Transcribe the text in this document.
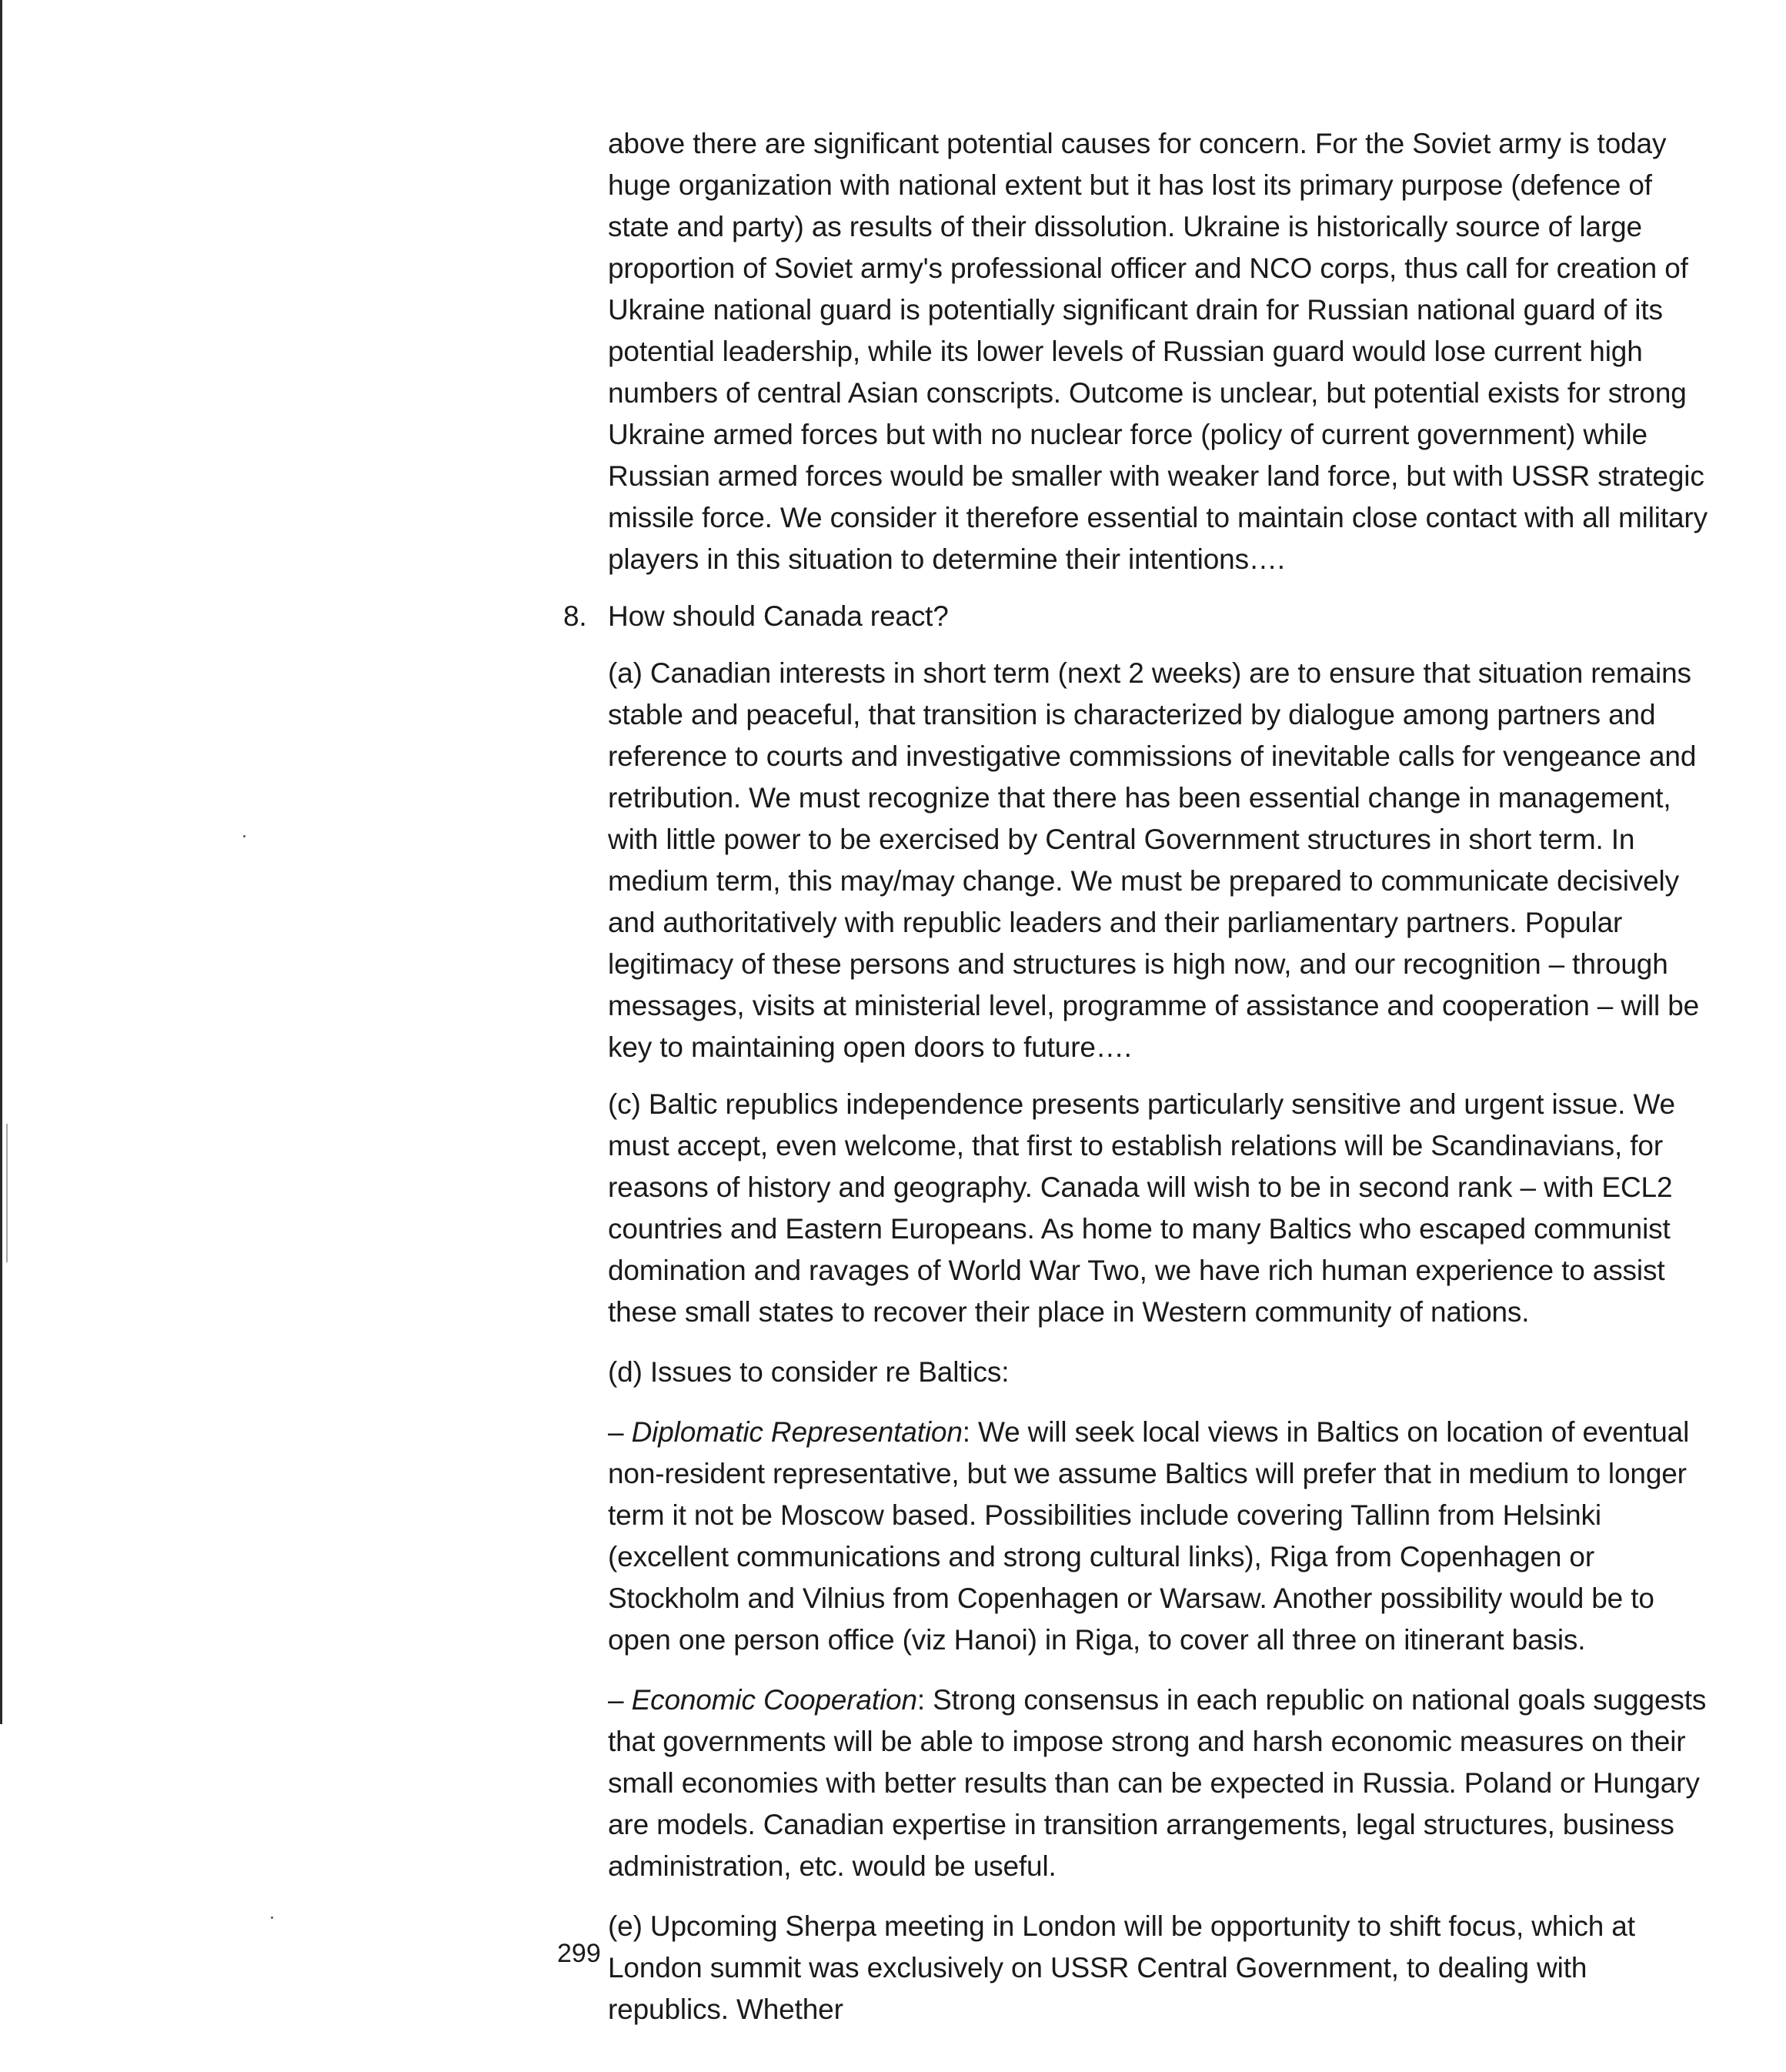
above there are significant potential causes for concern. For the Soviet army is today huge organization with national extent but it has lost its primary purpose (defence of state and party) as results of their dissolution. Ukraine is historically source of large proportion of Soviet army's professional officer and NCO corps, thus call for creation of Ukraine national guard is potentially significant drain for Russian national guard of its potential leadership, while its lower levels of Russian guard would lose current high numbers of central Asian conscripts. Outcome is unclear, but potential exists for strong Ukraine armed forces but with no nuclear force (policy of current government) while Russian armed forces would be smaller with weaker land force, but with USSR strategic missile force. We consider it therefore essential to maintain close contact with all military players in this situation to determine their intentions….

8. How should Canada react?

(a) Canadian interests in short term (next 2 weeks) are to ensure that situation remains stable and peaceful, that transition is characterized by dialogue among partners and reference to courts and investigative commissions of inevitable calls for vengeance and retribution. We must recognize that there has been essential change in management, with little power to be exercised by Central Government structures in short term. In medium term, this may/may change. We must be prepared to communicate decisively and authoritatively with republic leaders and their parliamentary partners. Popular legitimacy of these persons and structures is high now, and our recognition – through messages, visits at ministerial level, programme of assistance and cooperation – will be key to maintaining open doors to future….

(c) Baltic republics independence presents particularly sensitive and urgent issue. We must accept, even welcome, that first to establish relations will be Scandinavians, for reasons of history and geography. Canada will wish to be in second rank – with ECL2 countries and Eastern Europeans. As home to many Baltics who escaped communist domination and ravages of World War Two, we have rich human experience to assist these small states to recover their place in Western community of nations.

(d) Issues to consider re Baltics:

– Diplomatic Representation: We will seek local views in Baltics on location of eventual non-resident representative, but we assume Baltics will prefer that in medium to longer term it not be Moscow based. Possibilities include covering Tallinn from Helsinki (excellent communications and strong cultural links), Riga from Copenhagen or Stockholm and Vilnius from Copenhagen or Warsaw. Another possibility would be to open one person office (viz Hanoi) in Riga, to cover all three on itinerant basis.

– Economic Cooperation: Strong consensus in each republic on national goals suggests that governments will be able to impose strong and harsh economic measures on their small economies with better results than can be expected in Russia. Poland or Hungary are models. Canadian expertise in transition arrangements, legal structures, business administration, etc. would be useful.

(e) Upcoming Sherpa meeting in London will be opportunity to shift focus, which at London summit was exclusively on USSR Central Government, to dealing with republics. Whether

299
